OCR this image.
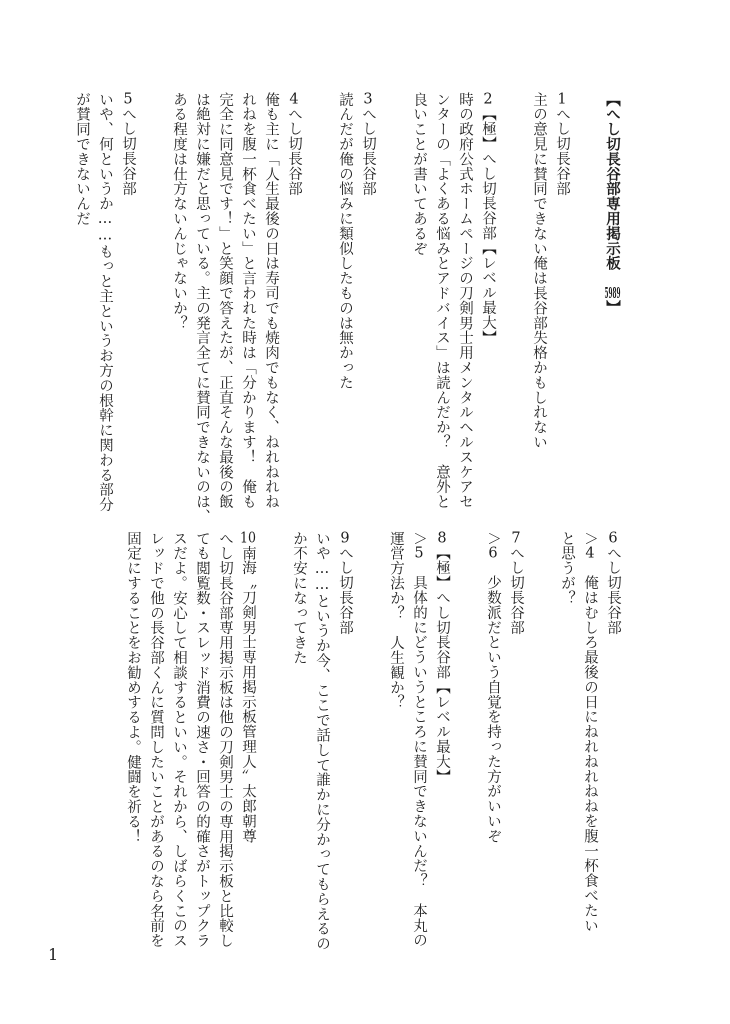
【へし切長谷部専用掲示板　5989】
1へし切長谷部
主の意見に賛同できない俺は長谷部失格かもしれない
2【極】へし切長谷部【レベル最大】
時の政府公式ホームページの刀剣男士用メンタルヘルスケアセ
ンターの「よくある悩みとアドバイス」は読んだか？　意外と
良いことが書いてあるぞ
3へし切長谷部
読んだが俺の悩みに類似したものは無かった
4へし切長谷部
俺も主に「人生最後の日は寿司でも焼肉でもなく、ねれねれね
れねを腹一杯食べたい」と言われた時は「分かります！　俺も
完全に同意見です！」と笑顔で答えたが、正直そんな最後の飯
は絶対に嫌だと思っている。主の発言全てに賛同できないのは、
ある程度は仕方ないんじゃないか？
5へし切長谷部
いや、何というか……もっと主というお方の根幹に関わる部分
が賛同できないんだ
6へし切長谷部
＞4　俺はむしろ最後の日にねれねれねねを腹一杯食べたい
と思うが？
7へし切長谷部
＞6　少数派だという自覚を持った方がいいぞ
8【極】へし切長谷部【レベル最大】
＞5　具体的にどういうところに賛同できないんだ？　本丸の
運営方法か？　人生観か？
9へし切長谷部
いや……というか今、ここで話して誰かに分かってもらえるの
か不安になってきた
10南海〝刀剣男士専用掲示板管理人〟太郎朝尊
へし切長谷部専用掲示板は他の刀剣男士の専用掲示板と比較し
ても閲覧数・スレッド消費の速さ・回答の的確さがトップクラ
スだよ。安心して相談するといい。それから、しばらくこのス
レッドで他の長谷部くんに質問したいことがあるのなら名前を
固定にすることをお勧めするよ。健闘を祈る！
1
